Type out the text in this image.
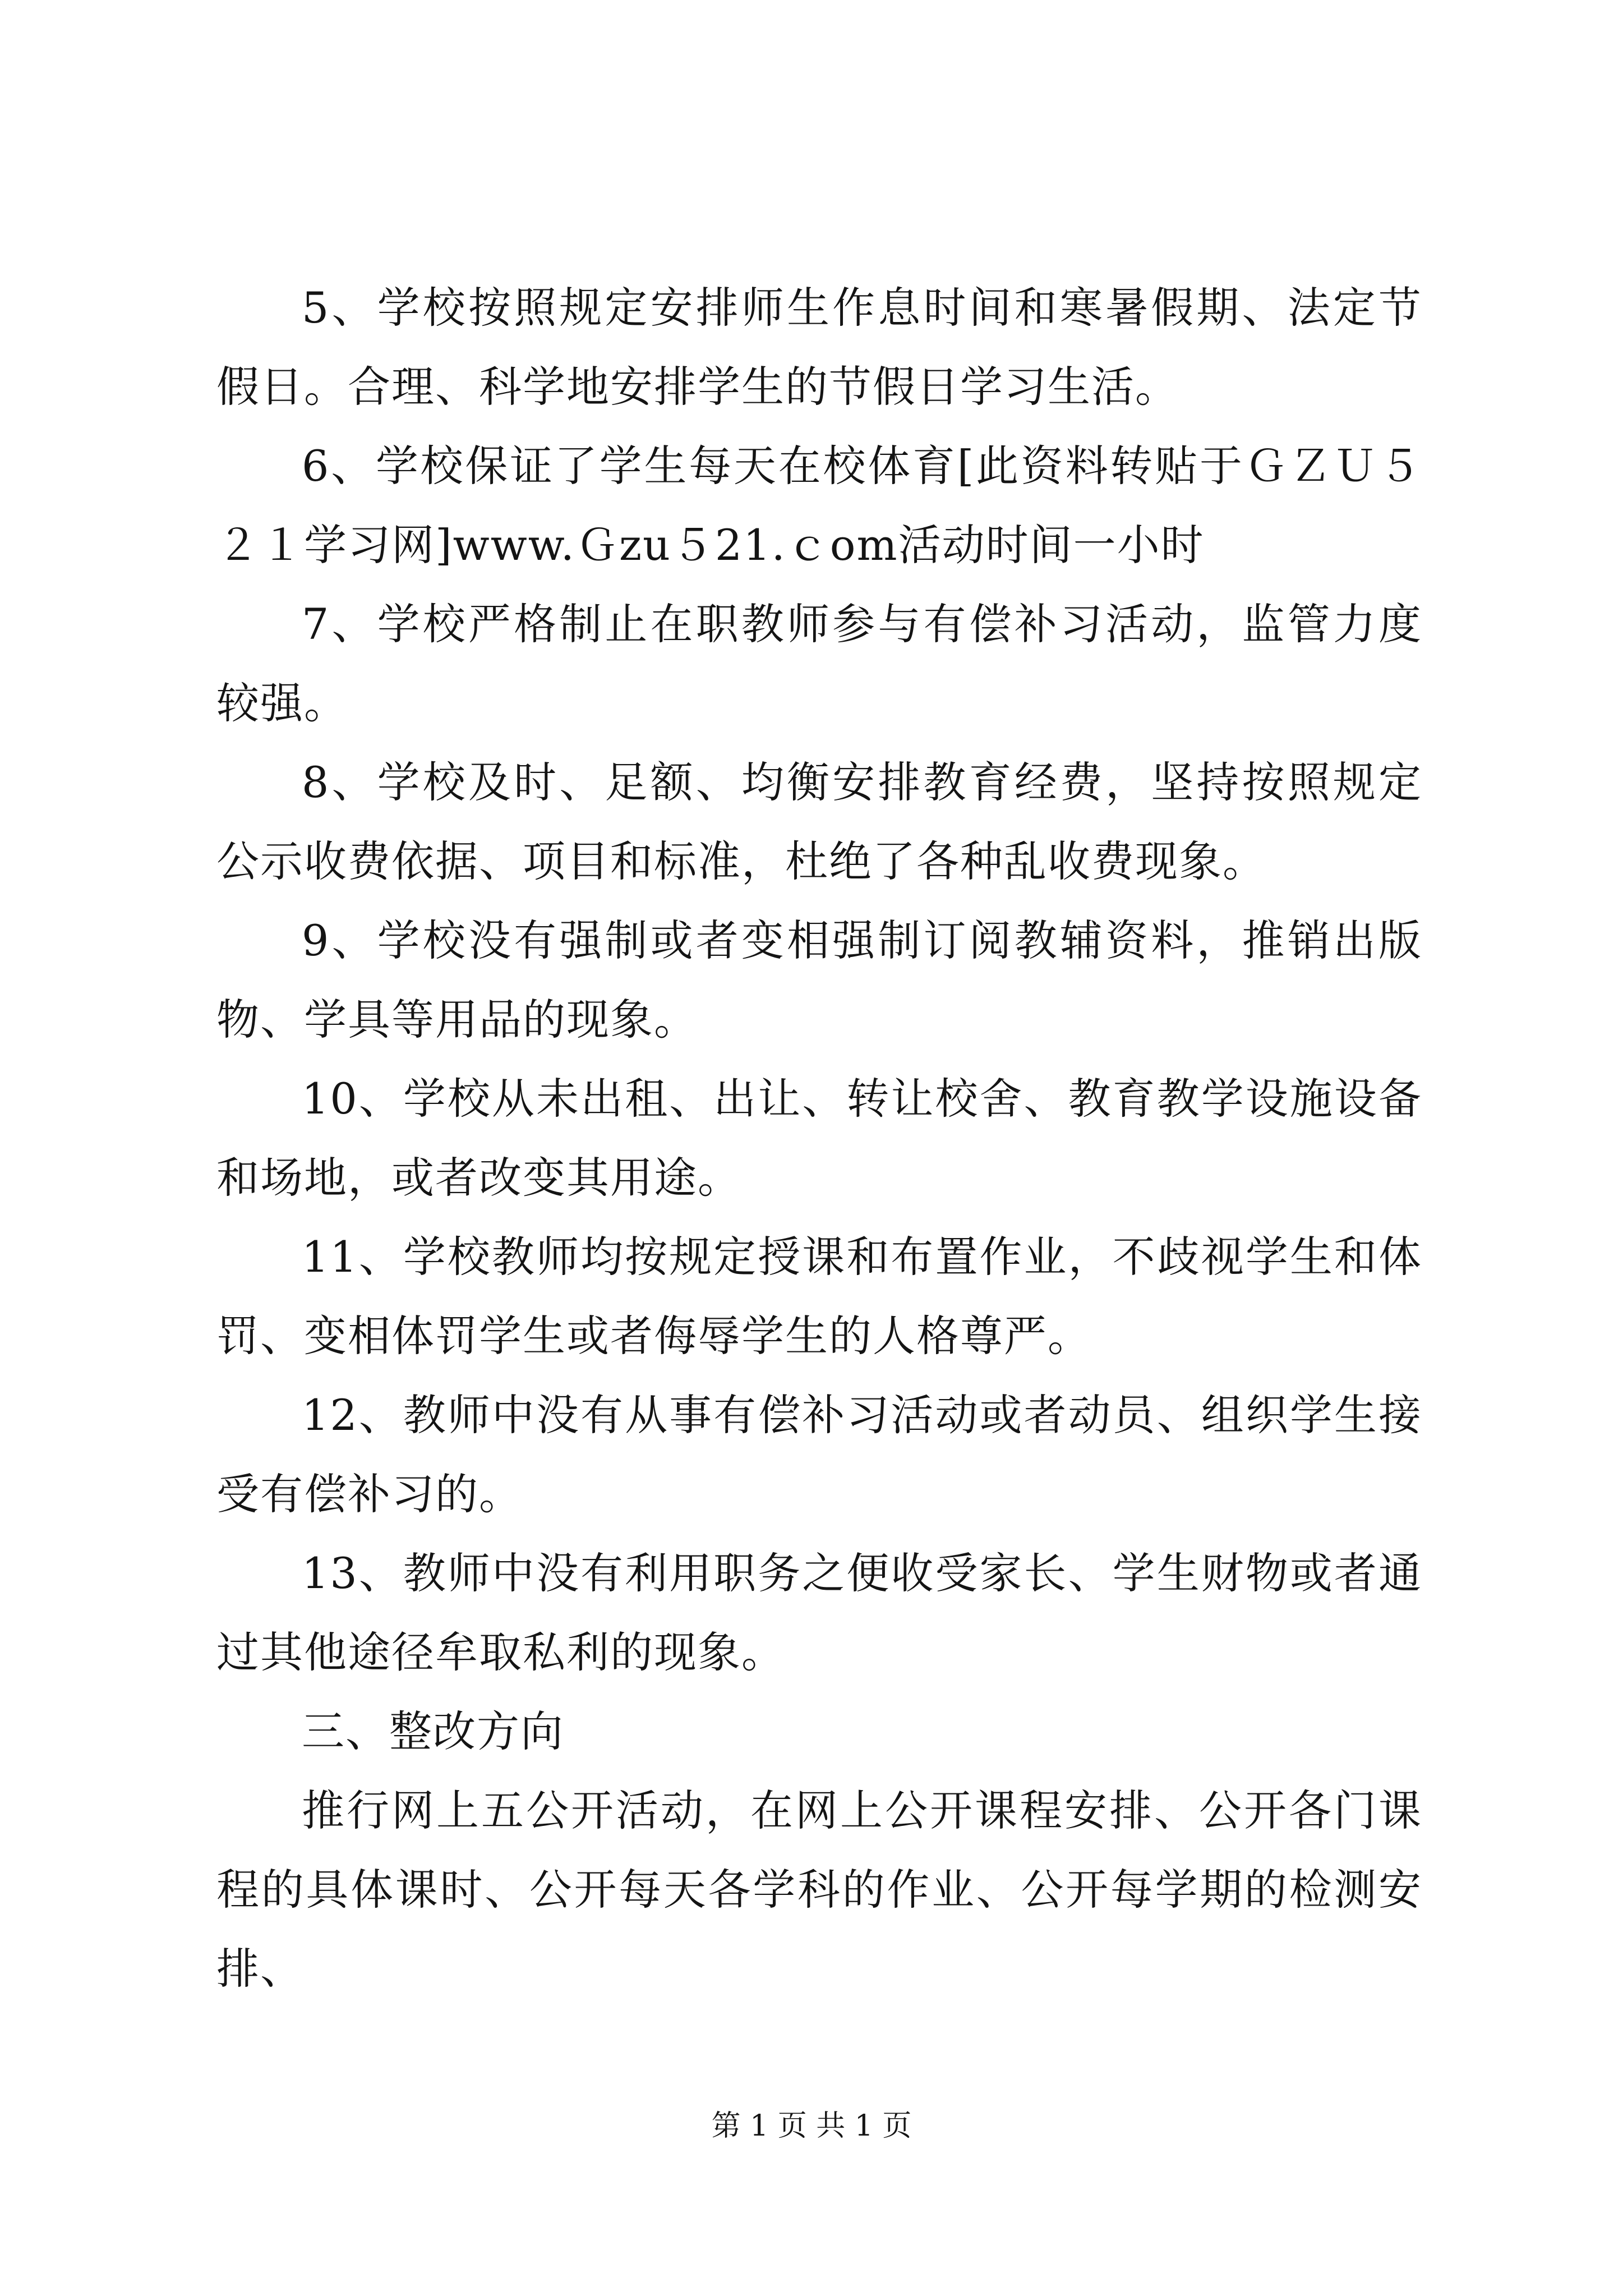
5、学校按照规定安排师生作息时间和寒暑假期、法定节假日。合理、科学地安排学生的节假日学习生活。

6、学校保证了学生每天在校体育[此资料转贴于ＧＺＵ５２１学习网]www.Ｇzu５21.ｃom活动时间一小时

7、学校严格制止在职教师参与有偿补习活动，监管力度较强。

8、学校及时、足额、均衡安排教育经费，坚持按照规定公示收费依据、项目和标准，杜绝了各种乱收费现象。

9、学校没有强制或者变相强制订阅教辅资料，推销出版物、学具等用品的现象。

10、学校从未出租、出让、转让校舍、教育教学设施设备和场地，或者改变其用途。

11、学校教师均按规定授课和布置作业，不歧视学生和体罚、变相体罚学生或者侮辱学生的人格尊严。

12、教师中没有从事有偿补习活动或者动员、组织学生接受有偿补习的。

13、教师中没有利用职务之便收受家长、学生财物或者通过其他途径牟取私利的现象。

三、整改方向

推行网上五公开活动，在网上公开课程安排、公开各门课程的具体课时、公开每天各学科的作业、公开每学期的检测安排、

第 1 页 共 1 页
